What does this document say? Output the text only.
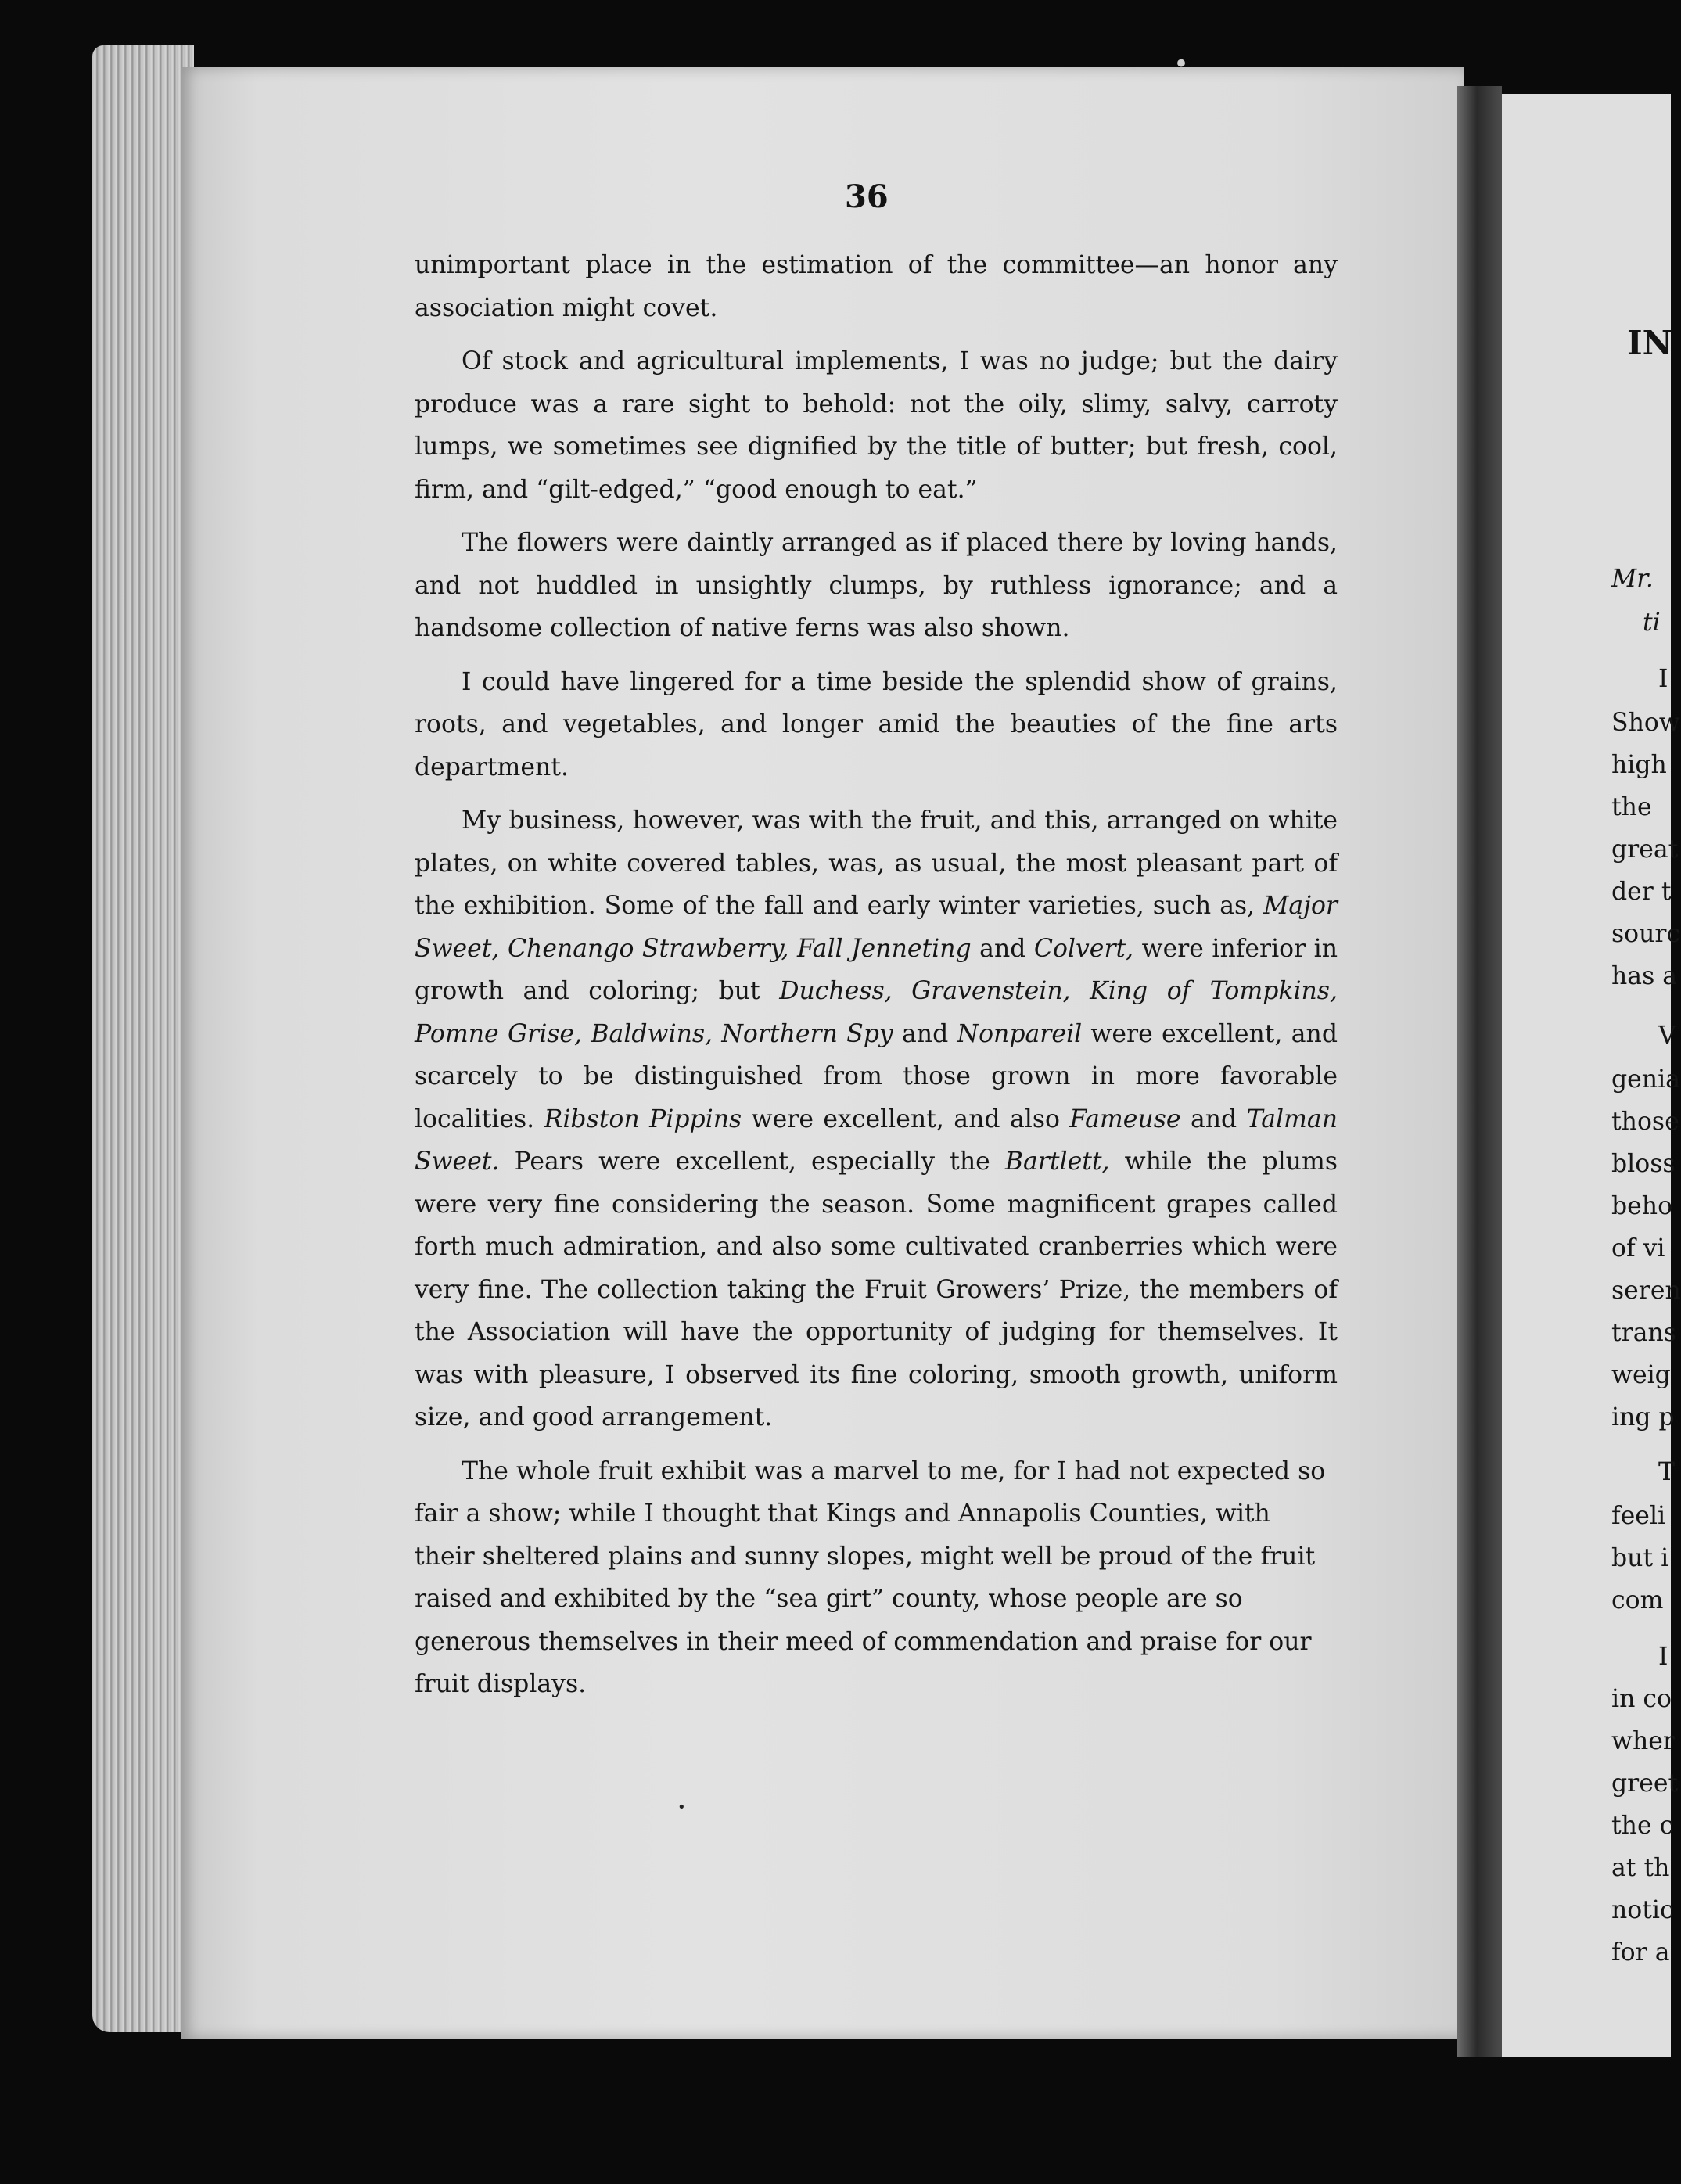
•
36

unimportant place in the estimation of the committee—an honor any association might covet.

Of stock and agricultural implements, I was no judge; but the dairy produce was a rare sight to behold: not the oily, slimy, salvy, carroty lumps, we sometimes see dignified by the title of butter; but fresh, cool, firm, and “gilt-edged,” “good enough to eat.”

The flowers were daintly arranged as if placed there by loving hands, and not huddled in unsightly clumps, by ruthless ignorance; and a handsome collection of native ferns was also shown.

I could have lingered for a time beside the splendid show of grains, roots, and vegetables, and longer amid the beauties of the fine arts department.

My business, however, was with the fruit, and this, arranged on white plates, on white covered tables, was, as usual, the most pleasant part of the exhibition. Some of the fall and early winter varieties, such as, Major Sweet, Chenango Strawberry, Fall Jenneting and Colvert, were inferior in growth and coloring; but Duchess, Gravenstein, King of Tompkins, Pomne Grise, Baldwins, Northern Spy and Nonpareil were excellent, and scarcely to be distinguished from those grown in more favorable localities. Ribston Pippins were excellent, and also Fameuse and Talman Sweet. Pears were excellent, especially the Bartlett, while the plums were very fine considering the season. Some magnificent grapes called forth much admiration, and also some cultivated cranberries which were very fine. The collection taking the Fruit Growers’ Prize, the members of the Association will have the opportunity of judging for themselves. It was with pleasure, I observed its fine coloring, smooth growth, uniform size, and good arrangement.

The whole fruit exhibit was a marvel to me, for I had not expected so fair a show; while I thought that Kings and Annapolis Counties, with their sheltered plains and sunny slopes, might well be proud of the fruit raised and exhibited by the “sea girt” county, whose people are so generous themselves in their meed of commendation and praise for our fruit displays.

IN
Mr.
ti
I
Show
high
the
great
der t
sourc
has a
V
genia
those
bloss
beho
of vi
seren
trans
weig
ing p
T
feeli
but i
com
I
in co
wher
greet
the c
at th
notic
for a
•
